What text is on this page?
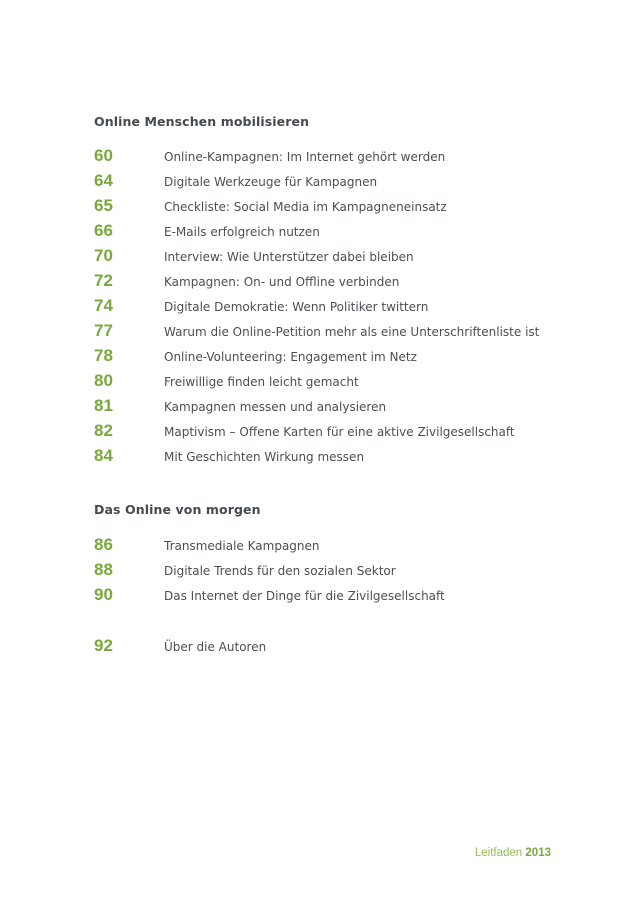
Online Menschen mobilisieren
60	Online-Kampagnen: Im Internet gehört werden
64	Digitale Werkzeuge für Kampagnen
65	Checkliste: Social Media im Kampagneneinsatz
66	E-Mails erfolgreich nutzen
70	Interview: Wie Unterstützer dabei bleiben
72	Kampagnen: On- und Offline verbinden
74	Digitale Demokratie: Wenn Politiker twittern
77	Warum die Online-Petition mehr als eine Unterschriftenliste ist
78	Online-Volunteering: Engagement im Netz
80	Freiwillige finden leicht gemacht
81	Kampagnen messen und analysieren
82	Maptivism – Offene Karten für eine aktive Zivilgesellschaft
84	Mit Geschichten Wirkung messen
Das Online von morgen
86	Transmediale Kampagnen
88	Digitale Trends für den sozialen Sektor
90	Das Internet der Dinge für die Zivilgesellschaft
92	Über die Autoren
Leitfaden 2013
